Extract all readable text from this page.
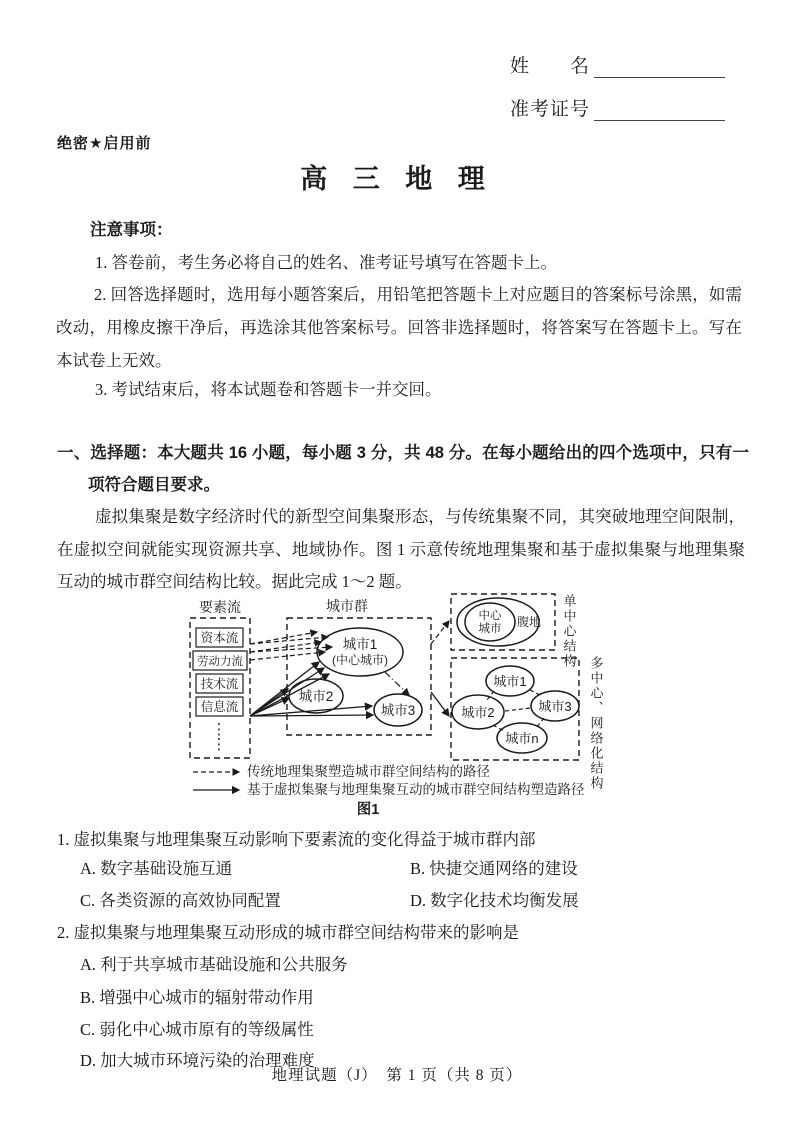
姓　　名
准考证号
绝密★启用前
高 三 地 理
注意事项：
1. 答卷前，考生务必将自己的姓名、准考证号填写在答题卡上。
2. 回答选择题时，选用每小题答案后，用铅笔把答题卡上对应题目的答案标号涂黑，如需改动，用橡皮擦干净后，再选涂其他答案标号。回答非选择题时，将答案写在答题卡上。写在本试卷上无效。
3. 考试结束后，将本试题卷和答题卡一并交回。
一、选择题：本大题共 16 小题，每小题 3 分，共 48 分。在每小题给出的四个选项中，只有一项符合题目要求。
虚拟集聚是数字经济时代的新型空间集聚形态，与传统集聚不同，其突破地理空间限制，在虚拟空间就能实现资源共享、地域协作。图 1 示意传统地理集聚和基于虚拟集聚与地理集聚互动的城市群空间结构比较。据此完成 1～2 题。
要素流
资本流
劳动力流
技术流
信息流
⋮
⋮
城市群
城市1
(中心城市)
城市2
城市3
中心
城市 腹地 单中心结构
城市1
城市2	城市3
城市n	多中心、网络化结构
传统地理集聚塑造城市群空间结构的路径
基于虚拟集聚与地理集聚互动的城市群空间结构塑造路径
图1
1. 虚拟集聚与地理集聚互动影响下要素流的变化得益于城市群内部
A. 数字基础设施互通	B. 快捷交通网络的建设
C. 各类资源的高效协同配置	D. 数字化技术均衡发展
2. 虚拟集聚与地理集聚互动形成的城市群空间结构带来的影响是
A. 利于共享城市基础设施和公共服务
B. 增强中心城市的辐射带动作用
C. 弱化中心城市原有的等级属性
D. 加大城市环境污染的治理难度
地理试题（J）　第 1 页（共 8 页）
